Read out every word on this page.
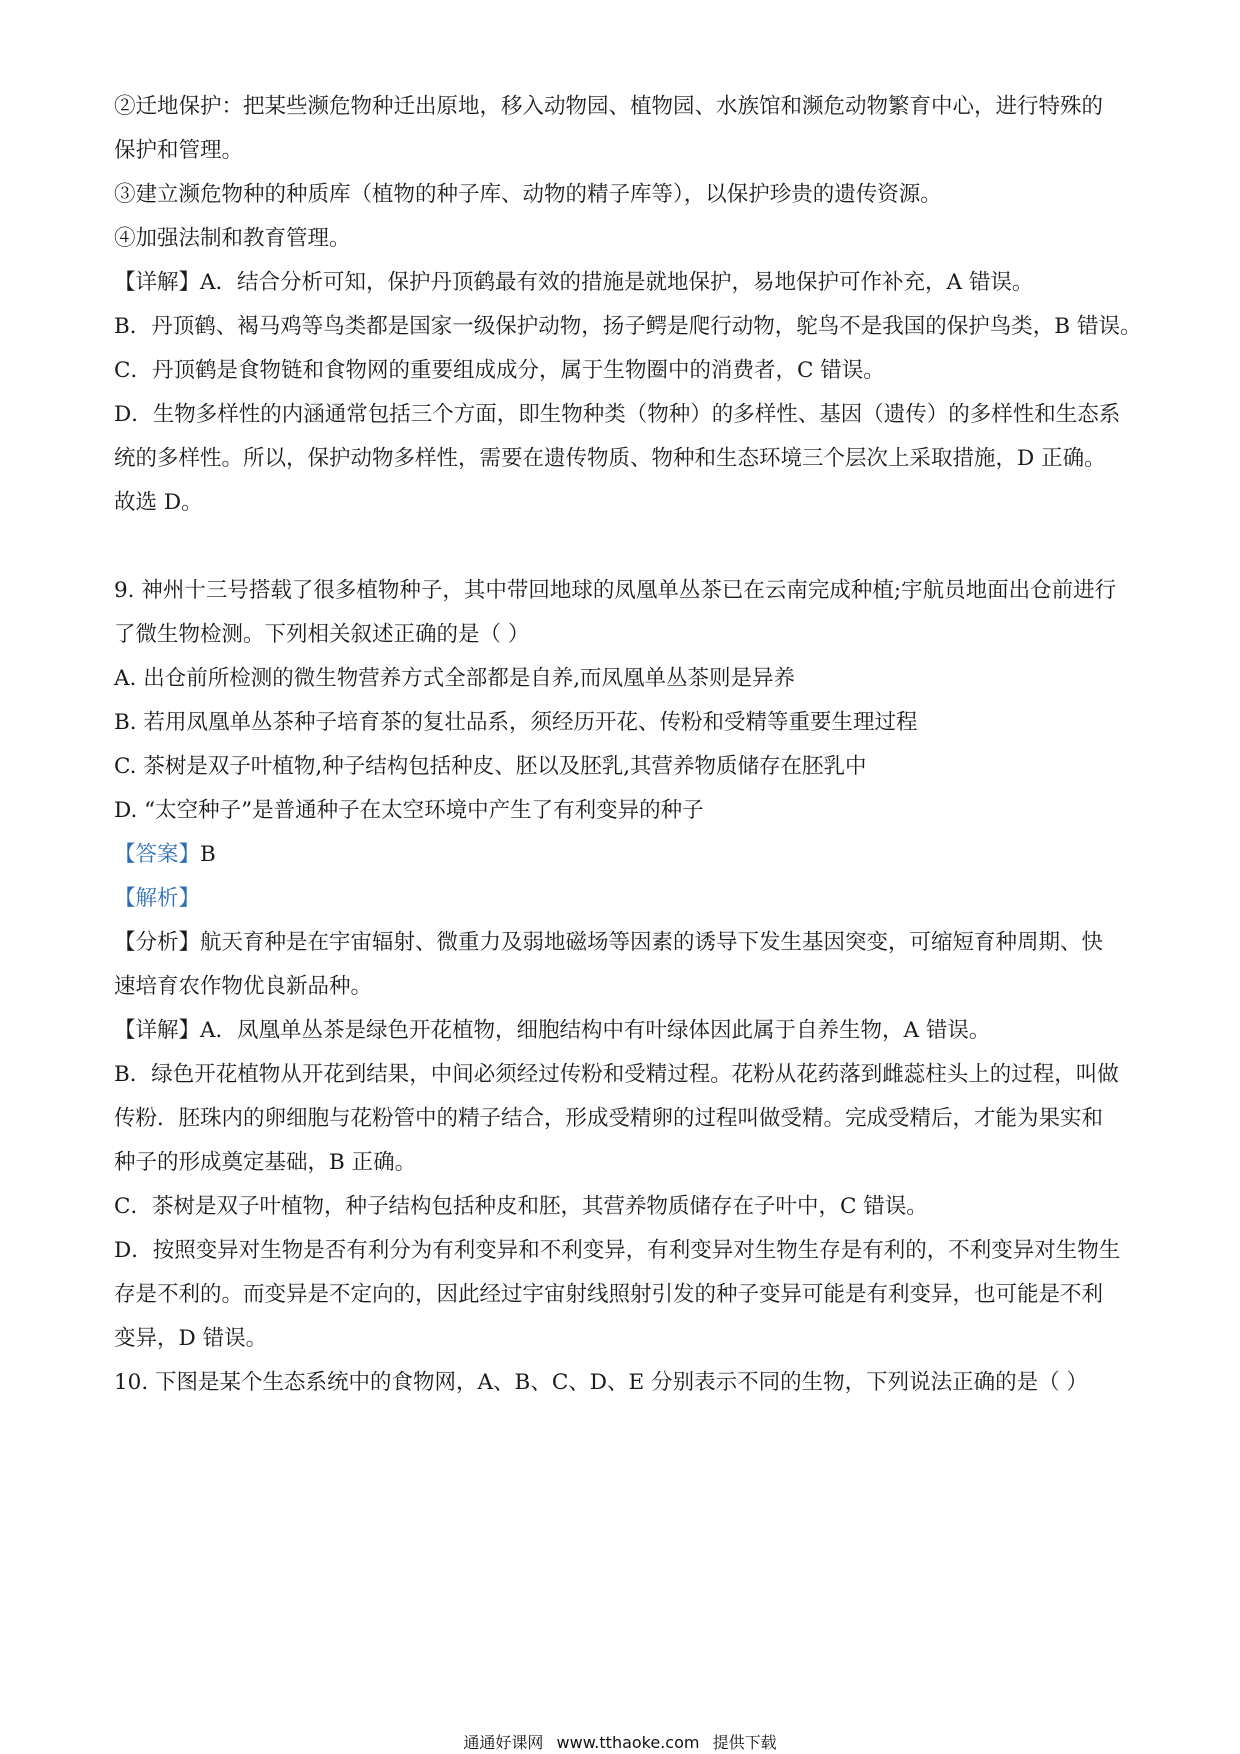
②迁地保护：把某些濒危物种迁出原地，移入动物园、植物园、水族馆和濒危动物繁育中心，进行特殊的
保护和管理。
③建立濒危物种的种质库（植物的种子库、动物的精子库等），以保护珍贵的遗传资源。
④加强法制和教育管理。
【详解】A．结合分析可知，保护丹顶鹤最有效的措施是就地保护，易地保护可作补充，A 错误。
B．丹顶鹤、褐马鸡等鸟类都是国家一级保护动物，扬子鳄是爬行动物，鸵鸟不是我国的保护鸟类，B 错误。
C．丹顶鹤是食物链和食物网的重要组成成分，属于生物圈中的消费者，C 错误。
D．生物多样性的内涵通常包括三个方面，即生物种类（物种）的多样性、基因（遗传）的多样性和生态系
统的多样性。所以，保护动物多样性，需要在遗传物质、物种和生态环境三个层次上采取措施，D 正确。
故选 D。
9. 神州十三号搭载了很多植物种子，其中带回地球的凤凰单丛茶已在云南完成种植;宇航员地面出仓前进行
了微生物检测。下列相关叙述正确的是（ ）
A. 出仓前所检测的微生物营养方式全部都是自养,而凤凰单丛茶则是异养
B. 若用凤凰单丛茶种子培育茶的复壮品系，须经历开花、传粉和受精等重要生理过程
C. 茶树是双子叶植物,种子结构包括种皮、胚以及胚乳,其营养物质储存在胚乳中
D. “太空种子”是普通种子在太空环境中产生了有利变异的种子
【答案】B
【解析】
【分析】航天育种是在宇宙辐射、微重力及弱地磁场等因素的诱导下发生基因突变，可缩短育种周期、快
速培育农作物优良新品种。
【详解】A．凤凰单丛茶是绿色开花植物，细胞结构中有叶绿体因此属于自养生物，A 错误。
B．绿色开花植物从开花到结果，中间必须经过传粉和受精过程。花粉从花药落到雌蕊柱头上的过程，叫做
传粉．胚珠内的卵细胞与花粉管中的精子结合，形成受精卵的过程叫做受精。完成受精后，才能为果实和
种子的形成奠定基础，B 正确。
C．茶树是双子叶植物，种子结构包括种皮和胚，其营养物质储存在子叶中，C 错误。
D．按照变异对生物是否有利分为有利变异和不利变异，有利变异对生物生存是有利的，不利变异对生物生
存是不利的。而变异是不定向的，因此经过宇宙射线照射引发的种子变异可能是有利变异，也可能是不利
变异，D 错误。
10. 下图是某个生态系统中的食物网，A、B、C、D、E 分别表示不同的生物，下列说法正确的是（ ）
通通好课网 www.tthaoke.com 提供下载
